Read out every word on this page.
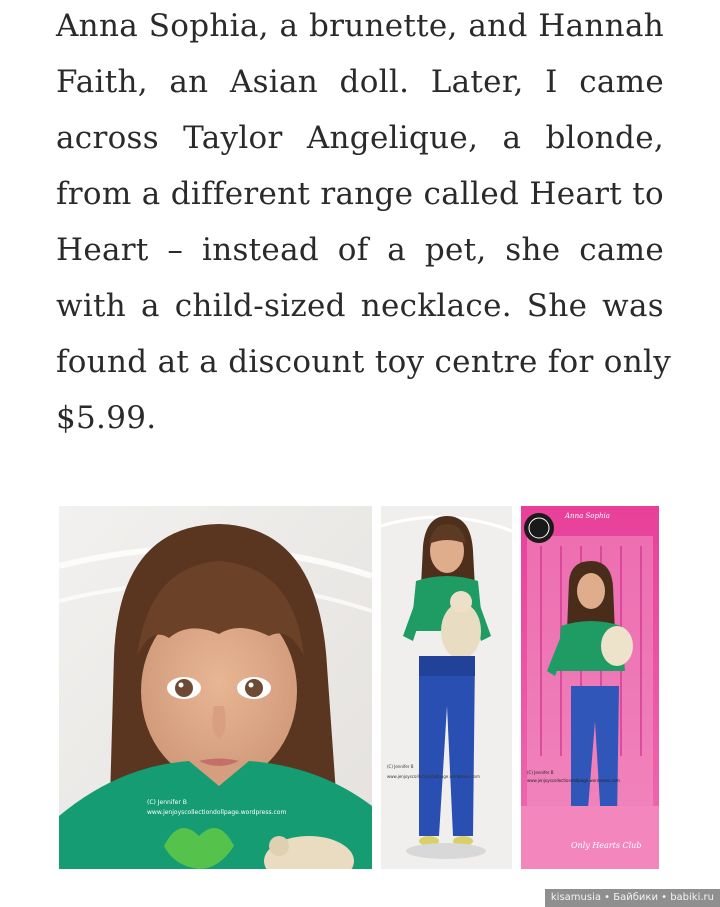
Anna Sophia, a brunette, and Hannah
Faith, an Asian doll. Later, I came
across Taylor Angelique, a blonde,
from a different range called Heart to
Heart – instead of a pet, she came
with a child-sized necklace. She was
found at a discount toy centre for only
$5.99.
(C) Jennifer B
www.jenjoyscollectiondollpage.wordpress.com
(C) Jennifer B
www.jenjoyscollectiondollpage.wordpress.com
Anna Sophia
(C) Jennifer B
www.jenjoyscollectiondollpage.wordpress.com
Only Hearts Club
kisamusia • Байбики • babiki.ru
